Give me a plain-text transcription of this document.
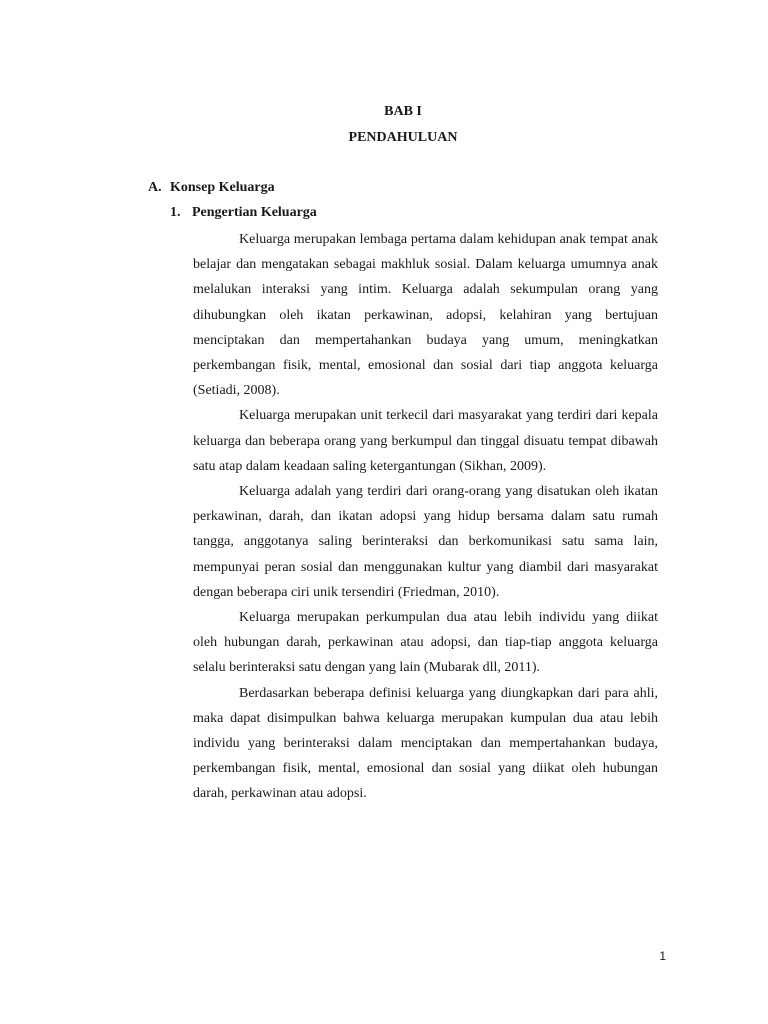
BAB I
PENDAHULUAN
A. Konsep Keluarga
1. Pengertian Keluarga

Keluarga merupakan lembaga pertama dalam kehidupan anak tempat anak belajar dan mengatakan sebagai makhluk sosial. Dalam keluarga umumnya anak melalukan interaksi yang intim. Keluarga adalah sekumpulan orang yang dihubungkan oleh ikatan perkawinan, adopsi, kelahiran yang bertujuan menciptakan dan mempertahankan budaya yang umum, meningkatkan perkembangan fisik, mental, emosional dan sosial dari tiap anggota keluarga (Setiadi, 2008).

Keluarga merupakan unit terkecil dari masyarakat yang terdiri dari kepala keluarga dan beberapa orang yang berkumpul dan tinggal disuatu tempat dibawah satu atap dalam keadaan saling ketergantungan (Sikhan, 2009).

Keluarga adalah yang terdiri dari orang-orang yang disatukan oleh ikatan perkawinan, darah, dan ikatan adopsi yang hidup bersama dalam satu rumah tangga, anggotanya saling berinteraksi dan berkomunikasi satu sama lain, mempunyai peran sosial dan menggunakan kultur yang diambil dari masyarakat dengan beberapa ciri unik tersendiri (Friedman, 2010).

Keluarga merupakan perkumpulan dua atau lebih individu yang diikat oleh hubungan darah, perkawinan atau adopsi, dan tiap-tiap anggota keluarga selalu berinteraksi satu dengan yang lain (Mubarak dll, 2011).

Berdasarkan beberapa definisi keluarga yang diungkapkan dari para ahli, maka dapat disimpulkan bahwa keluarga merupakan kumpulan dua atau lebih individu yang berinteraksi dalam menciptakan dan mempertahankan budaya, perkembangan fisik, mental, emosional dan sosial yang diikat oleh hubungan darah, perkawinan atau adopsi.

1
